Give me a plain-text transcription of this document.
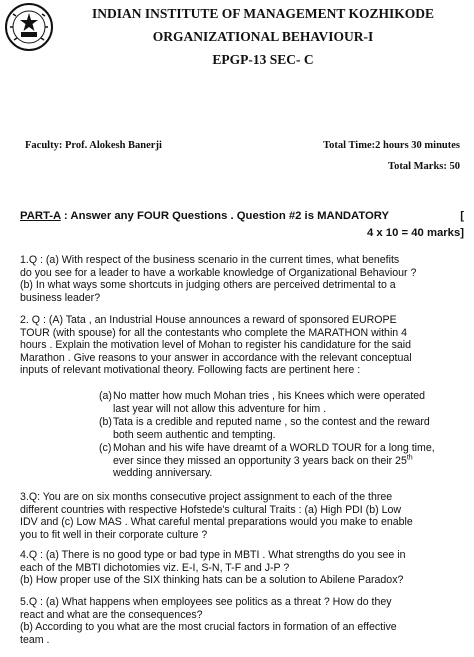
INDIAN INSTITUTE OF MANAGEMENT KOZHIKODE
ORGANIZATIONAL BEHAVIOUR-I
EPGP-13 SEC- C
Faculty: Prof. Alokesh Banerji	Total Time:2 hours 30 minutes
Total Marks: 50
PART-A : Answer any FOUR Questions . Question #2 is MANDATORY	[
4 x 10 = 40 marks]
1.Q : (a) With respect of the business scenario in the current times, what benefits
do you see for a leader to have a workable knowledge of Organizational Behaviour ?
(b) In what ways some shortcuts in judging others are perceived detrimental to a
business leader?
2. Q : (A) Tata , an Industrial House announces a reward of sponsored EUROPE
TOUR (with spouse) for all the contestants who complete the MARATHON within 4
hours . Explain the motivation level of Mohan to register his candidature for the said
Marathon . Give reasons to your answer in accordance with the relevant conceptual
inputs of relevant motivational theory. Following facts are pertinent here :
(a) No matter how much Mohan tries , his Knees which were operated
last year will not allow this adventure for him .
(b) Tata is a credible and reputed name , so the contest and the reward
both seem authentic and tempting.
(c) Mohan and his wife have dreamt of a WORLD TOUR for a long time,
ever since they missed an opportunity 3 years back on their 25th
wedding anniversary.
3.Q: You are on six months consecutive project assignment to each of the three
different countries with respective Hofstede's cultural Traits : (a) High PDI (b) Low
IDV and (c) Low MAS . What careful mental preparations would you make to enable
you to fit well in their corporate culture ?
4.Q : (a) There is no good type or bad type in MBTI . What strengths do you see in
each of the MBTI dichotomies viz. E-I, S-N, T-F and J-P ?
(b) How proper use of the SIX thinking hats can be a solution to Abilene Paradox?
5.Q : (a) What happens when employees see politics as a threat ? How do they
react and what are the consequences?
(b) According to you what are the most crucial factors in formation of an effective
team .
